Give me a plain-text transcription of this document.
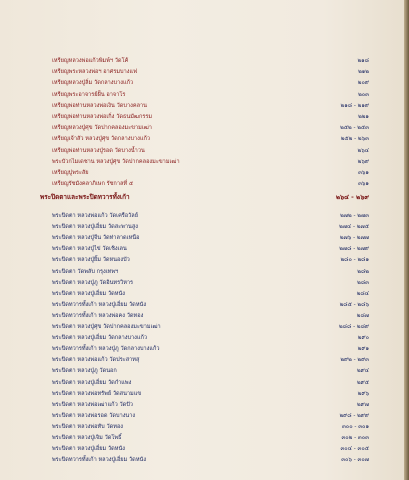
เหรียญหลวงพ่อแก้วพิมพ์ฯ วัดโค้	๒๑๘
เหรียญพระหลวงพ่อฯ อาศรมบางแฟ	๒๑๒
เหรียญหลวงปู่ลิ่ม วัดกลางบางแก้ว	๒๐๙
เหรียญพระอาจารย์ฝั้น อาจาโร	๒๐๓
เหรียญพ่อท่านหลวงพ่อเงิน วัดบางคลาน	๒๑๘ - ๒๑๙
เหรียญพ่อท่านหลวงพ่อเกิ่ง วัดธนมัฒกรรม	๒๒๑
เหรียญหลวงปู่ศุข วัดปากคลองมะขามเฒ่า	๒๕๒ - ๒๕๓
เหรียญเจ้าสัว หลวงปู่ศุข วัดกลางบางแก้ว	๒๕๒ - ๒๖๓
เหรียญพ่อท่านหลวงปู่รอด วัดบางน้ำวน	๒๖๔
พระบัวกไมเดชาน หลวงปู่ศุข วัดปากคลองมะขามเฒ่า	๒๖๙
เหรียญปูพระสัย	๓๖๑
เหรียญรัชมังคลาภิเษก รัชกาลที่ ๕	๓๖๑
พระปิดตาและพระปิดทวารทั้งเก้า	๒๖๔ - ๒๖๙
พระปิดตา หลวงพ่อแก้ว วัดเครือวัลย์	๒๗๒ - ๒๗๓
พระปิดตา หลวงปู่เอี่ยม วัดสะพานสูง	๒๗๔ - ๒๗๕
พระปิดตา หลวงปู่จีน วัดท่าลาดเหนือ	๒๗๖ - ๒๗๗
พระปิดตา หลวงปู่ไข่ วัดเชิงเลน	๒๗๘ - ๒๗๙
พระปิดตา หลวงปู่ยิ้ม วัดหนองบัว	๒๘๐ - ๒๘๑
พระปิดตา วัดพลับ กรุงเทพฯ	๒๘๒
พระปิดตา หลวงปู่ภู วัดอินทรวิหาร	๒๘๓
พระปิดตา หลวงปู่เอี่ยม วัดหนัง	๒๘๔
พระปิดทวารทั้งเก้า หลวงปู่เอี่ยม วัดหนัง	๒๘๕ - ๒๘๖
พระปิดทวารทั้งเก้า หลวงพ่อคง วัดทอง	๒๘๗
พระปิดตา หลวงปู่ศุข วัดปากคลองมะขามเฒ่า	๒๘๘ - ๒๘๙
พระปิดตา หลวงปู่เอี่ยม วัดกลางบางแก้ว	๒๙๐
พระปิดทวารทั้งเก้า หลวงปู่ภู วัดกลางบางแก้ว	๒๙๑
พระปิดตา หลวงพ่อแก้ว วัดประสาทสุ	๒๙๒ - ๒๙๓
พระปิดตา หลวงปู่ภู วัดนอก	๒๙๔
พระปิดตา หลวงปู่เอี่ยม วัดกำแพง	๒๙๕
พระปิดตา หลวงพ่อทรัพย์ วัดสนามแข	๒๙๖
พระปิดตา หลวงพ่อเฒ่าแก้ว วัดปัว	๒๙๗
พระปิดตา หลวงพ่อรอด วัดบางนาง	๒๙๘ - ๒๙๙
พระปิดตา หลวงพ่อทับ วัดทอง	๓๐๐ - ๓๐๑
พระปิดตา หลวงปู่เจิม วัดโพธิ์	๓๐๒ - ๓๐๓
พระปิดตา หลวงปู่เอี่ยม วัดหนัง	๓๐๔ - ๓๐๕
พระปิดทวารทั้งเก้า หลวงปู่เอี่ยม วัดหนัง	๓๐๖ - ๓๐๗
